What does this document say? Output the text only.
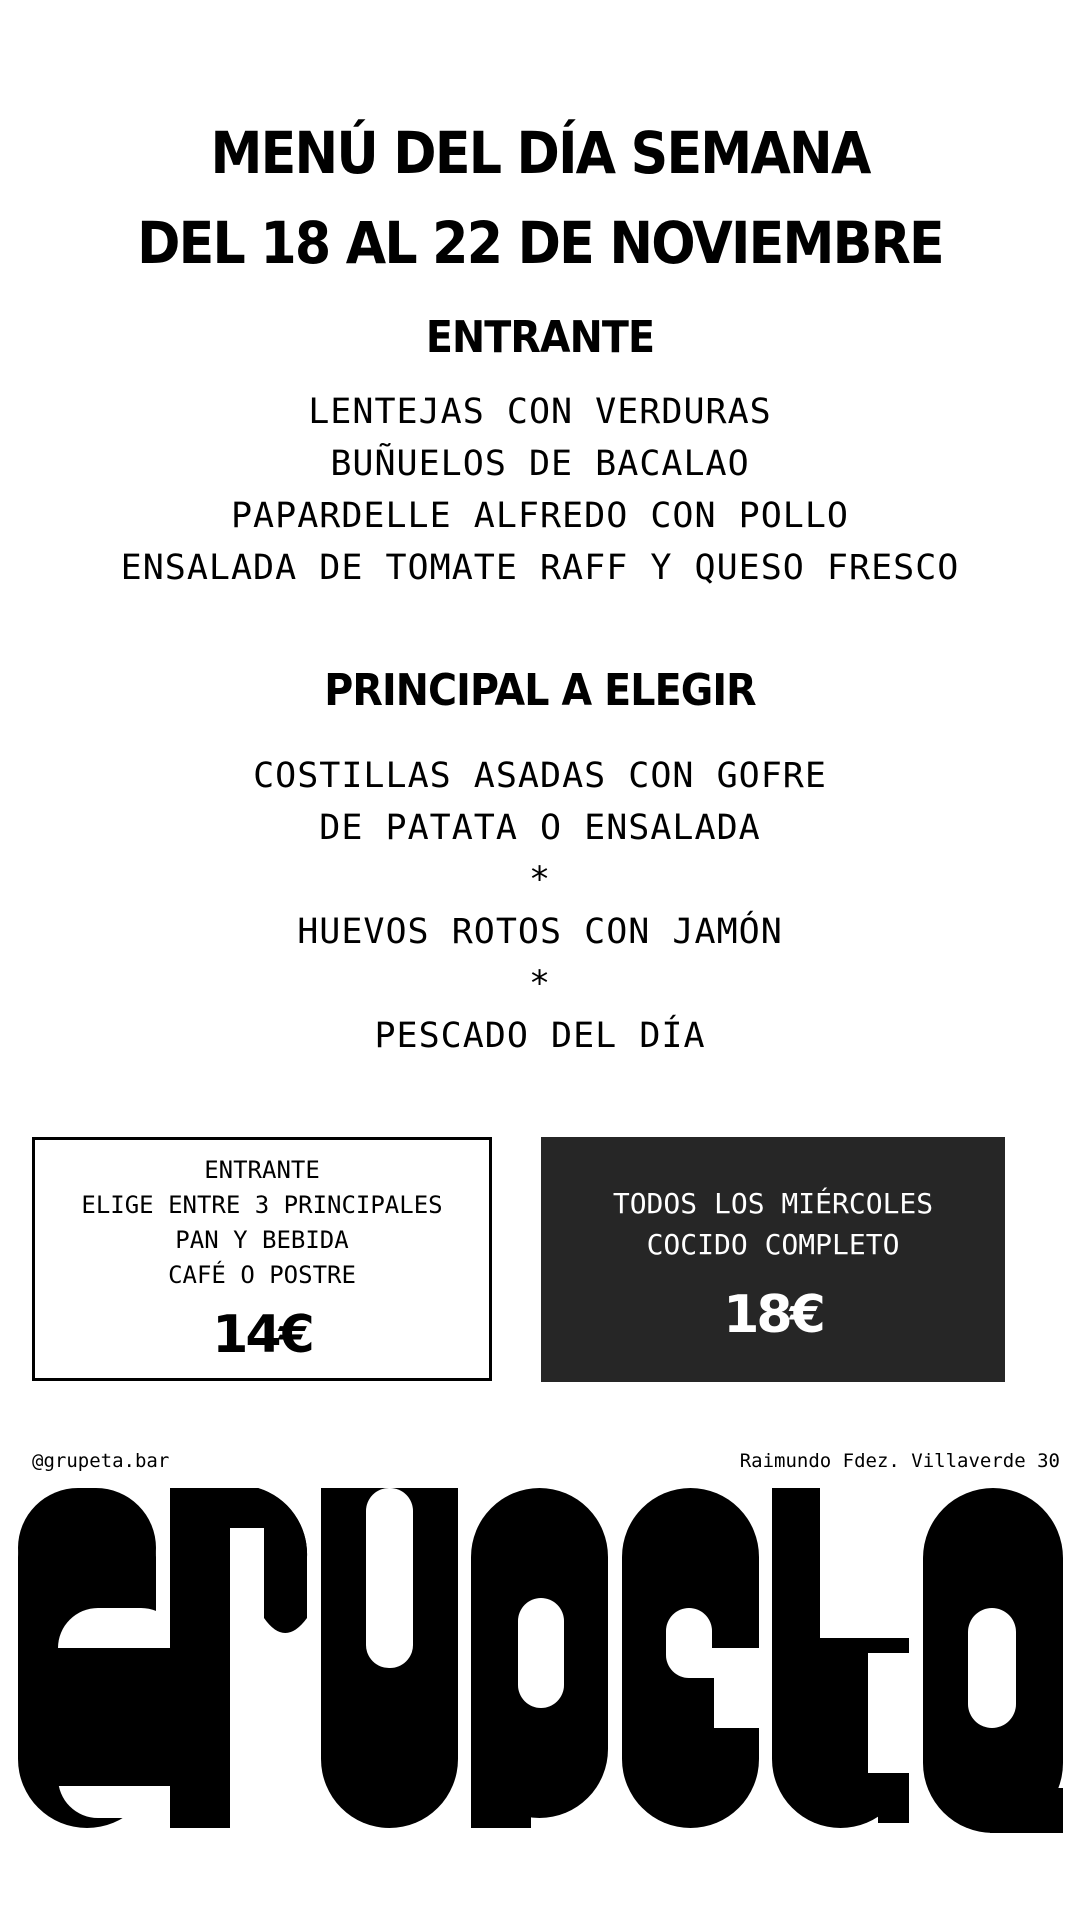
MENÚ DEL DÍA SEMANA
DEL 18 AL 22 DE NOVIEMBRE
ENTRANTE
LENTEJAS CON VERDURAS
BUÑUELOS DE BACALAO
PAPARDELLE ALFREDO CON POLLO
ENSALADA DE TOMATE RAFF Y QUESO FRESCO
PRINCIPAL A ELEGIR
COSTILLAS ASADAS CON GOFRE
DE PATATA O ENSALADA
*
HUEVOS ROTOS CON JAMÓN
*
PESCADO DEL DÍA
ENTRANTE
ELIGE ENTRE 3 PRINCIPALES
PAN Y BEBIDA
CAFÉ O POSTRE
14€
TODOS LOS MIÉRCOLES
COCIDO COMPLETO
18€
@grupeta.bar	Raimundo Fdez. Villaverde 30
